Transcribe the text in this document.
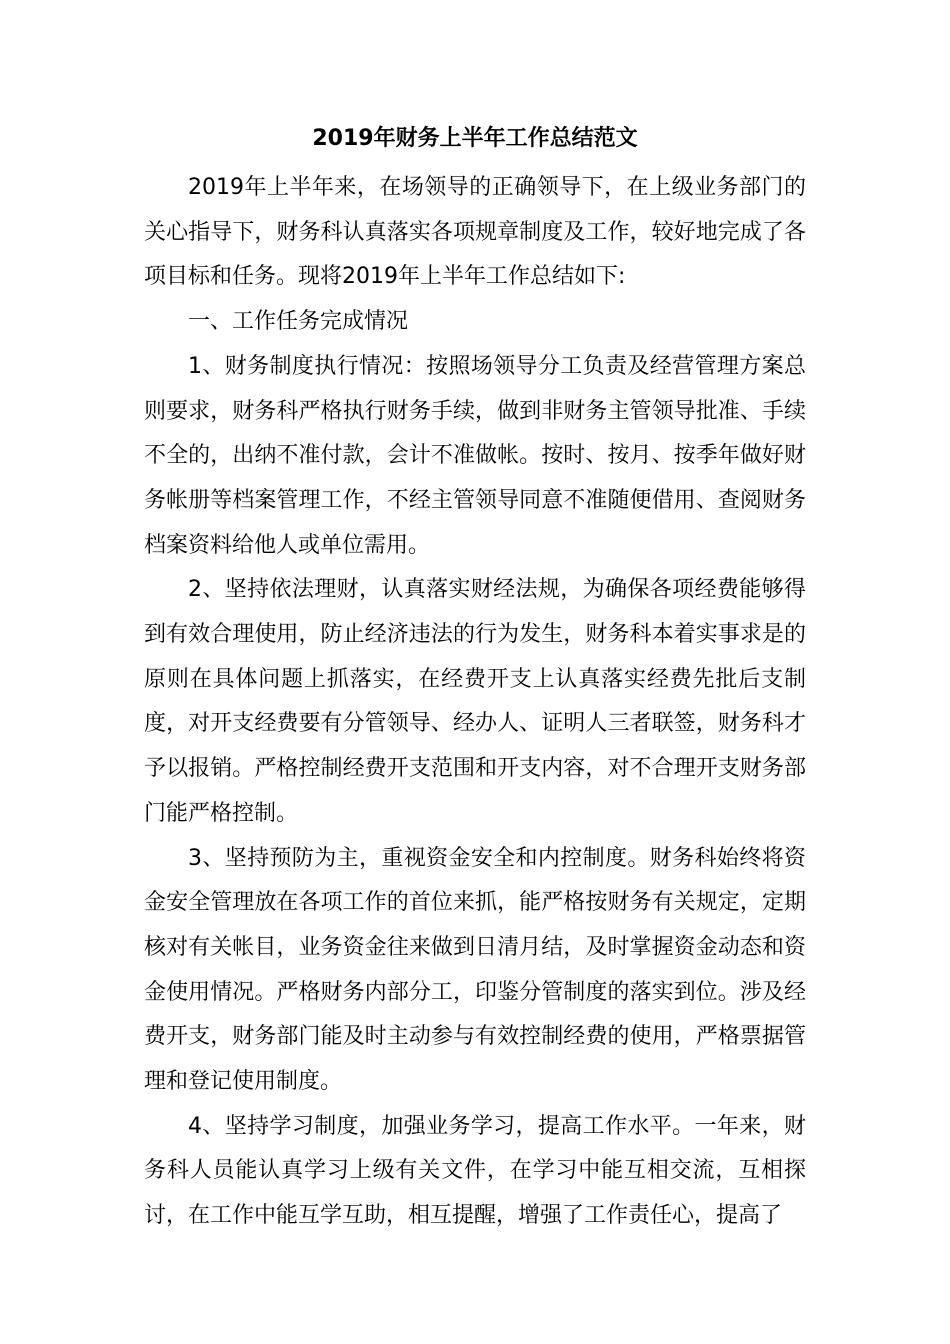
2019年财务上半年工作总结范文

2019年上半年来，在场领导的正确领导下，在上级业务部门的关心指导下，财务科认真落实各项规章制度及工作，较好地完成了各项目标和任务。现将2019年上半年工作总结如下:

一、工作任务完成情况

1、财务制度执行情况：按照场领导分工负责及经营管理方案总则要求，财务科严格执行财务手续，做到非财务主管领导批准、手续不全的，出纳不准付款，会计不准做帐。按时、按月、按季年做好财务帐册等档案管理工作，不经主管领导同意不准随便借用、查阅财务档案资料给他人或单位需用。

2、坚持依法理财，认真落实财经法规，为确保各项经费能够得到有效合理使用，防止经济违法的行为发生，财务科本着实事求是的原则在具体问题上抓落实，在经费开支上认真落实经费先批后支制度，对开支经费要有分管领导、经办人、证明人三者联签，财务科才予以报销。严格控制经费开支范围和开支内容，对不合理开支财务部门能严格控制。

3、坚持预防为主，重视资金安全和内控制度。财务科始终将资金安全管理放在各项工作的首位来抓，能严格按财务有关规定，定期核对有关帐目，业务资金往来做到日清月结，及时掌握资金动态和资金使用情况。严格财务内部分工，印鉴分管制度的落实到位。涉及经费开支，财务部门能及时主动参与有效控制经费的使用，严格票据管理和登记使用制度。

4、坚持学习制度，加强业务学习，提高工作水平。一年来，财务科人员能认真学习上级有关文件，在学习中能互相交流，互相探讨，在工作中能互学互助，相互提醒，增强了工作责任心，提高了
